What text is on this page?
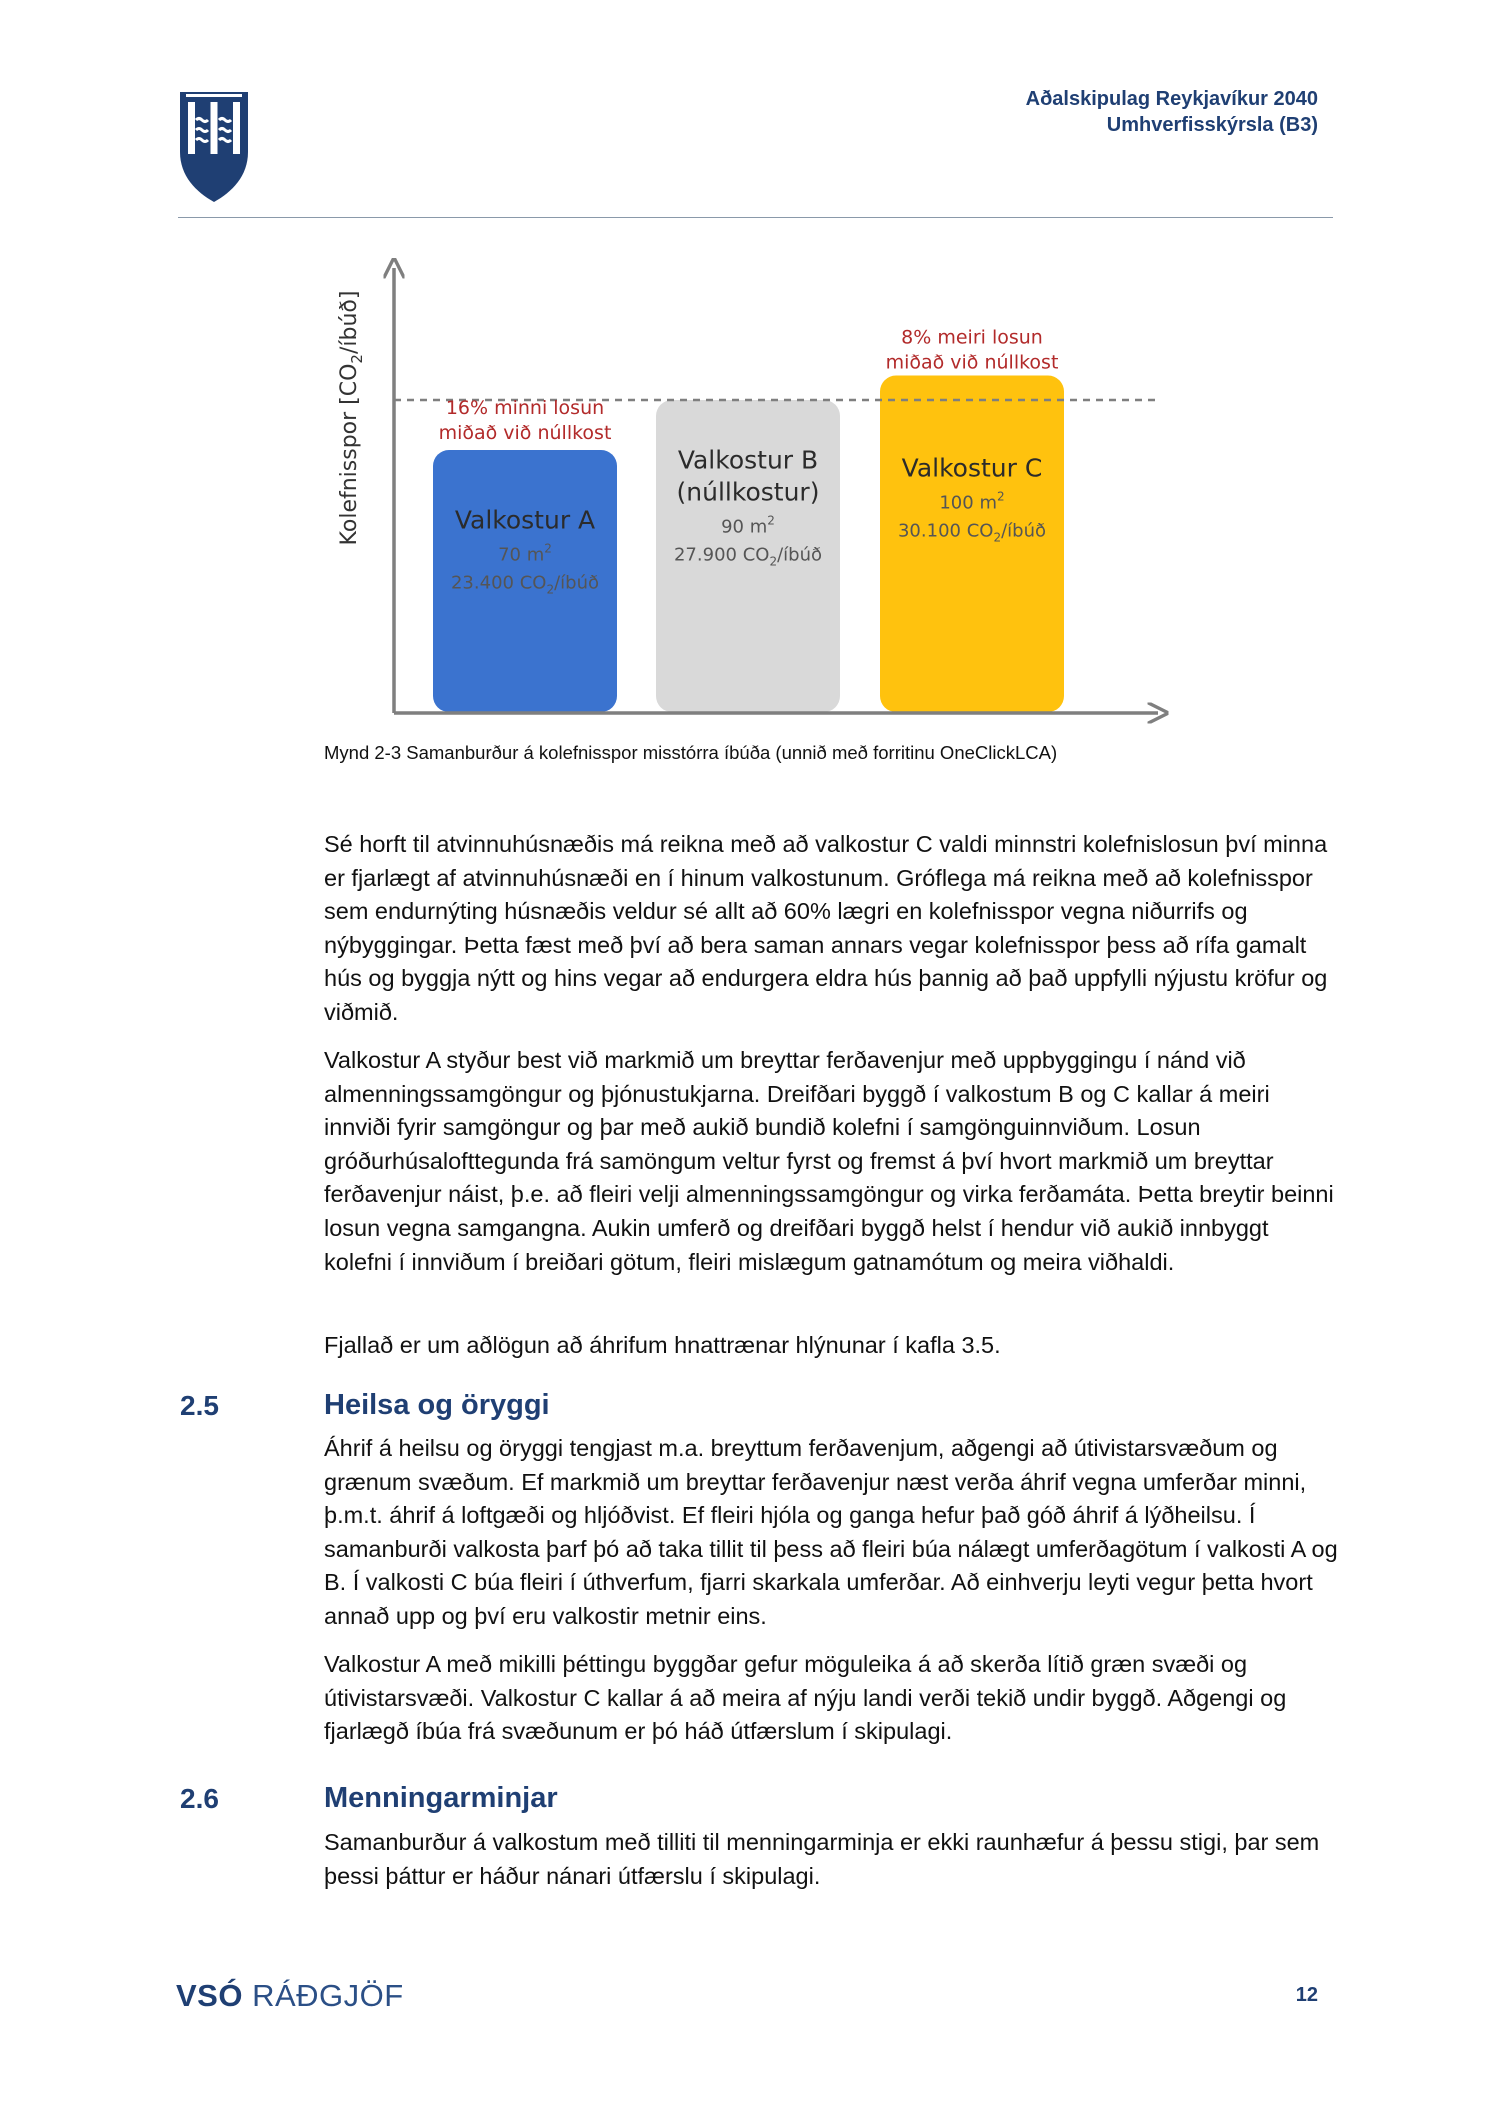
Aðalskipulag Reykjavíkur 2040
Umhverfisskýrsla (B3)
Kolefnisspor $[CO_2/íbúð]$
Valkostur A
70 $m^2$
23.400 $CO_2$/íbúð
Valkostur B
(núllkostur)
90 $m^2$
27.900 $CO_2$/íbúð
Valkostur C
100 $m^2$
30.100 $CO_2$/íbúð
16% minni losun
miðað við núllkost
8% meiri losun
miðað við núllkost
Mynd 2-3 Samanburður á kolefnisspor misstórra íbúða (unnið með forritinu OneClickLCA)

Sé horft til atvinnuhúsnæðis má reikna með að valkostur C valdi minnstri kolefnislosun því minna er fjarlægt af atvinnuhúsnæði en í hinum valkostunum. Gróflega má reikna með að kolefnisspor sem endurnýting húsnæðis veldur sé allt að 60% lægri en kolefnisspor vegna niðurrifs og nýbyggingar. Þetta fæst með því að bera saman annars vegar kolefnisspor þess að rífa gamalt hús og byggja nýtt og hins vegar að endurgera eldra hús þannig að það uppfylli nýjustu kröfur og viðmið.

Valkostur A styður best við markmið um breyttar ferðavenjur með uppbyggingu í nánd við almenningssamgöngur og þjónustukjarna. Dreifðari byggð í valkostum B og C kallar á meiri innviði fyrir samgöngur og þar með aukið bundið kolefni í samgönguinnviðum. Losun gróðurhúsalofttegunda frá samöngum veltur fyrst og fremst á því hvort markmið um breyttar ferðavenjur náist, þ.e. að fleiri velji almenningssamgöngur og virka ferðamáta. Þetta breytir beinni losun vegna samgangna. Aukin umferð og dreifðari byggð helst í hendur við aukið innbyggt kolefni í innviðum í breiðari götum, fleiri mislægum gatnamótum og meira viðhaldi.

Fjallað er um aðlögun að áhrifum hnattrænar hlýnunar í kafla 3.5.

2.5	Heilsa og öryggi

Áhrif á heilsu og öryggi tengjast m.a. breyttum ferðavenjum, aðgengi að útivistarsvæðum og grænum svæðum. Ef markmið um breyttar ferðavenjur næst verða áhrif vegna umferðar minni, þ.m.t. áhrif á loftgæði og hljóðvist. Ef fleiri hjóla og ganga hefur það góð áhrif á lýðheilsu. Í samanburði valkosta þarf þó að taka tillit til þess að fleiri búa nálægt umferðagötum í valkosti A og B. Í valkosti C búa fleiri í úthverfum, fjarri skarkala umferðar. Að einhverju leyti vegur þetta hvort annað upp og því eru valkostir metnir eins.

Valkostur A með mikilli þéttingu byggðar gefur möguleika á að skerða lítið græn svæði og útivistarsvæði. Valkostur C kallar á að meira af nýju landi verði tekið undir byggð. Aðgengi og fjarlægð íbúa frá svæðunum er þó háð útfærslum í skipulagi.

2.6	Menningarminjar

Samanburður á valkostum með tilliti til menningarminja er ekki raunhæfur á þessu stigi, þar sem þessi þáttur er háður nánari útfærslu í skipulagi.

VSÓ RÁÐGJÖF	12
